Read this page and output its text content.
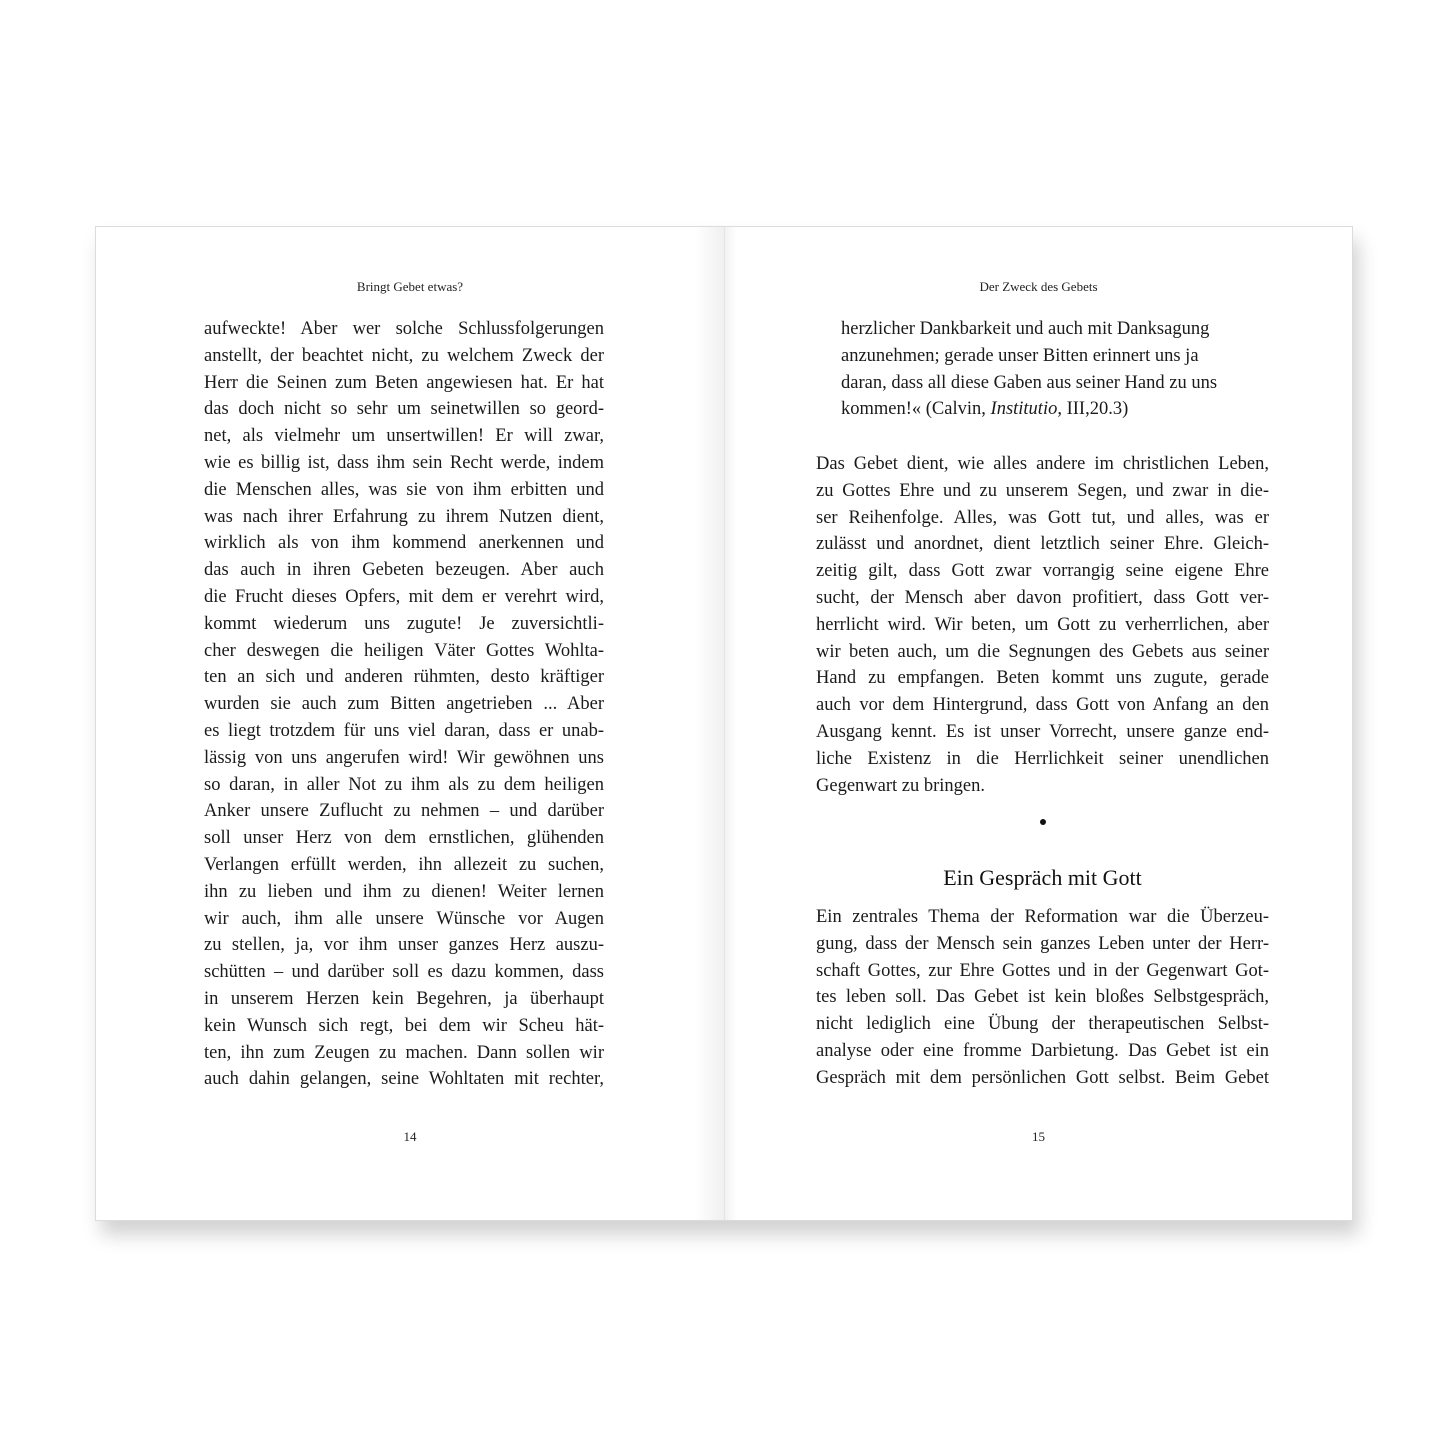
Bringt Gebet etwas?
aufweckte! Aber wer solche Schlussfolgerungen
anstellt, der beachtet nicht, zu welchem Zweck der
Herr die Seinen zum Beten angewiesen hat. Er hat
das doch nicht so sehr um seinetwillen so geord-
net, als vielmehr um unsertwillen! Er will zwar,
wie es billig ist, dass ihm sein Recht werde, indem
die Menschen alles, was sie von ihm erbitten und
was nach ihrer Erfahrung zu ihrem Nutzen dient,
wirklich als von ihm kommend anerkennen und
das auch in ihren Gebeten bezeugen. Aber auch
die Frucht dieses Opfers, mit dem er verehrt wird,
kommt wiederum uns zugute! Je zuversichtli-
cher deswegen die heiligen Väter Gottes Wohlta-
ten an sich und anderen rühmten, desto kräftiger
wurden sie auch zum Bitten angetrieben ... Aber
es liegt trotzdem für uns viel daran, dass er unab-
lässig von uns angerufen wird! Wir gewöhnen uns
so daran, in aller Not zu ihm als zu dem heiligen
Anker unsere Zuflucht zu nehmen – und darüber
soll unser Herz von dem ernstlichen, glühenden
Verlangen erfüllt werden, ihn allezeit zu suchen,
ihn zu lieben und ihm zu dienen! Weiter lernen
wir auch, ihm alle unsere Wünsche vor Augen
zu stellen, ja, vor ihm unser ganzes Herz auszu-
schütten – und darüber soll es dazu kommen, dass
in unserem Herzen kein Begehren, ja überhaupt
kein Wunsch sich regt, bei dem wir Scheu hät-
ten, ihn zum Zeugen zu machen. Dann sollen wir
auch dahin gelangen, seine Wohltaten mit rechter,
14
Der Zweck des Gebets
herzlicher Dankbarkeit und auch mit Danksagung
anzunehmen; gerade unser Bitten erinnert uns ja
daran, dass all diese Gaben aus seiner Hand zu uns
kommen!« (Calvin, Institutio, III,20.3)
Das Gebet dient, wie alles andere im christlichen Leben,
zu Gottes Ehre und zu unserem Segen, und zwar in die-
ser Reihenfolge. Alles, was Gott tut, und alles, was er
zulässt und anordnet, dient letztlich seiner Ehre. Gleich-
zeitig gilt, dass Gott zwar vorrangig seine eigene Ehre
sucht, der Mensch aber davon profitiert, dass Gott ver-
herrlicht wird. Wir beten, um Gott zu verherrlichen, aber
wir beten auch, um die Segnungen des Gebets aus seiner
Hand zu empfangen. Beten kommt uns zugute, gerade
auch vor dem Hintergrund, dass Gott von Anfang an den
Ausgang kennt. Es ist unser Vorrecht, unsere ganze end-
liche Existenz in die Herrlichkeit seiner unendlichen
Gegenwart zu bringen.
Ein Gespräch mit Gott
Ein zentrales Thema der Reformation war die Überzeu-
gung, dass der Mensch sein ganzes Leben unter der Herr-
schaft Gottes, zur Ehre Gottes und in der Gegenwart Got-
tes leben soll. Das Gebet ist kein bloßes Selbstgespräch,
nicht lediglich eine Übung der therapeutischen Selbst-
analyse oder eine fromme Darbietung. Das Gebet ist ein
Gespräch mit dem persönlichen Gott selbst. Beim Gebet
15
